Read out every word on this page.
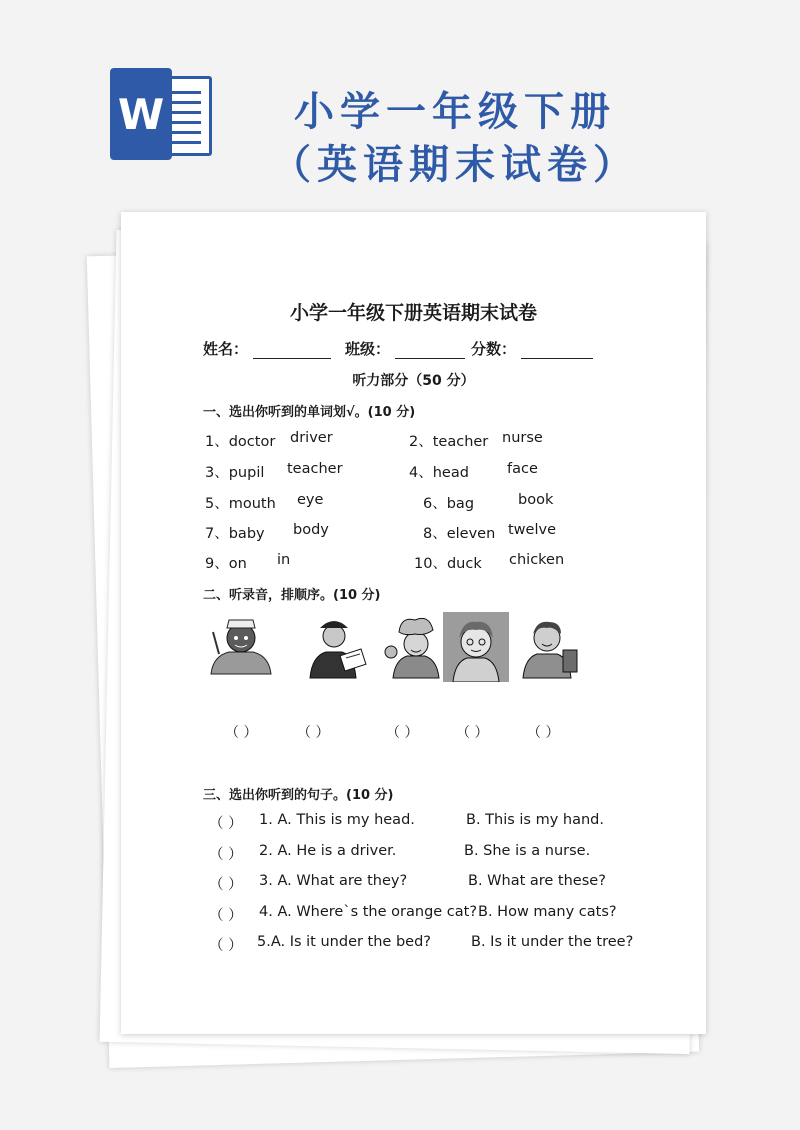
W	小学一年级下册
（英语期末试卷）
小学一年级下册英语期末试卷
姓名：	班级：	分数：
听力部分（50 分）
一、选出你听到的单词划√。(10 分)
1、doctor driver	2、teacher nurse
3、pupil teacher	4、head	face
5、mouth eye	6、bag	book
7、baby body	8、eleven twelve
9、on in	10、duck chicken
二、听录音，排顺序。(10 分)
（ ）	（ ）	（ ）	（ ）	（ ）
三、选出你听到的句子。(10 分)
（ ） 1. A. This is my head.	B. This is my hand.
（ ） 2. A. He is a driver.	B. She is a nurse.
（ ） 3. A. What are they?	B. What are these?
（ ） 4. A. Where`s the orange cat? B. How many cats?
（ ） 5.A. Is it under the bed?	B. Is it under the tree?
